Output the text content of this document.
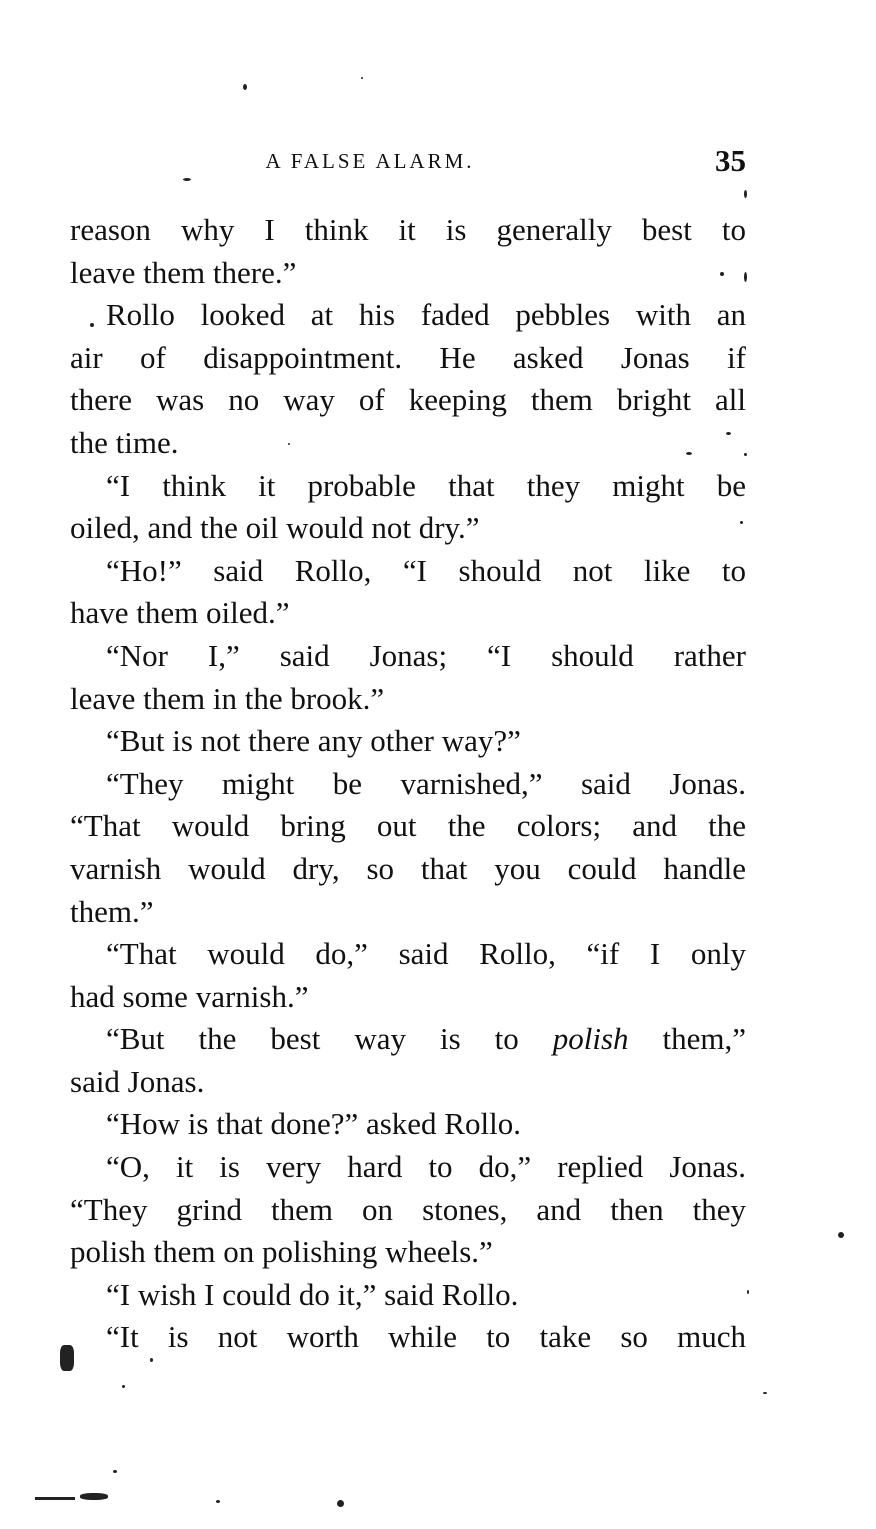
A FALSE ALARM.	35
reason why I think it is generally best to
leave them there.”
Rollo looked at his faded pebbles with an
air of disappointment. He asked Jonas if
there was no way of keeping them bright all
the time.
“I think it probable that they might be
oiled, and the oil would not dry.”
“Ho!” said Rollo, “I should not like to
have them oiled.”
“Nor I,” said Jonas; “I should rather
leave them in the brook.”
“But is not there any other way?”
“They might be varnished,” said Jonas.
“That would bring out the colors; and the
varnish would dry, so that you could handle
them.”
“That would do,” said Rollo, “if I only
had some varnish.”
“But the best way is to polish them,”
said Jonas.
“How is that done?” asked Rollo.
“O, it is very hard to do,” replied Jonas.
“They grind them on stones, and then they
polish them on polishing wheels.”
“I wish I could do it,” said Rollo.
“It is not worth while to take so much
